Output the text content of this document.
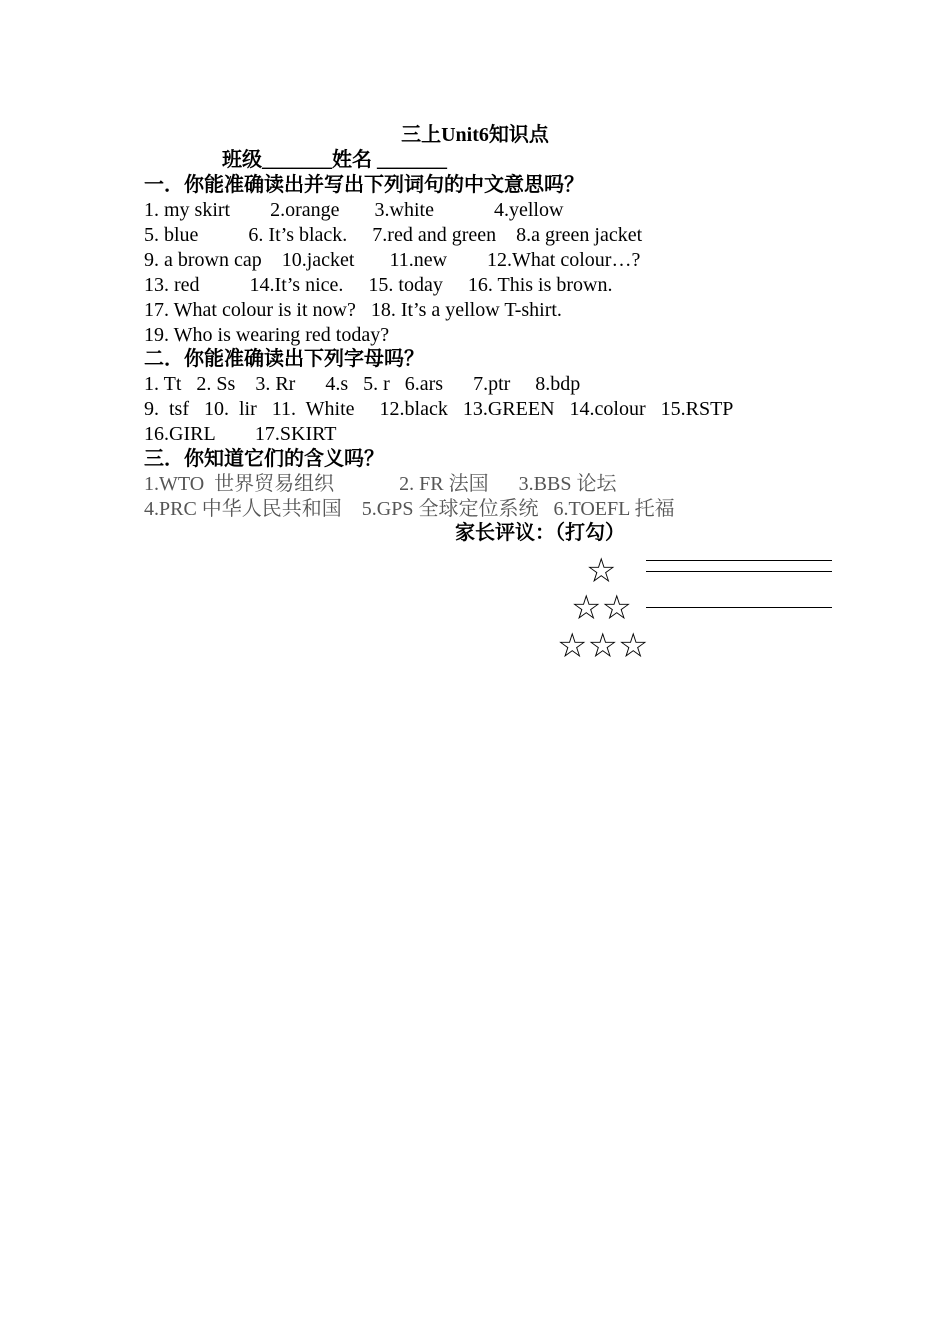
三上Unit6知识点
班级_______姓名 _______
一．你能准确读出并写出下列词句的中文意思吗？
1. my skirt        2.orange       3.white            4.yellow
5. blue          6. It’s black.     7.red and green    8.a green jacket
9. a brown cap    10.jacket       11.new        12.What colour…?
13. red          14.It’s nice.     15. today     16. This is brown.
17. What colour is it now?   18. It’s a yellow T-shirt.
19. Who is wearing red today?
二．你能准确读出下列字母吗？
1. Tt   2. Ss    3. Rr      4.s   5. r   6.ars      7.ptr     8.bdp
9.  tsf   10.  lir   11.  White     12.black   13.GREEN   14.colour   15.RSTP
16.GIRL        17.SKIRT
三．你知道它们的含义吗？
1.WTO  世界贸易组织             2. FR 法国      3.BBS 论坛
4.PRC 中华人民共和国    5.GPS 全球定位系统   6.TOEFL 托福
家长评议：（打勾）
☆
☆☆
☆☆☆
